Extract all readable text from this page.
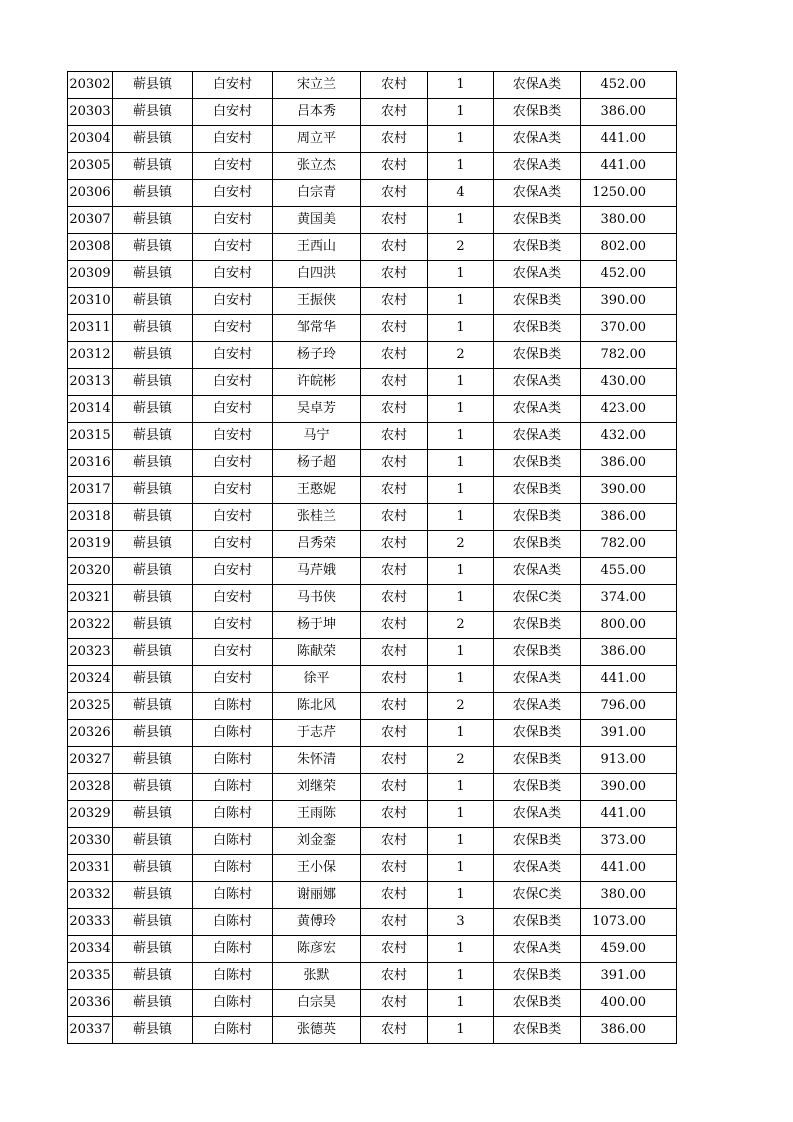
20302	蕲县镇	白安村	宋立兰	农村	1	农保A类	452.00
20303	蕲县镇	白安村	吕本秀	农村	1	农保B类	386.00
20304	蕲县镇	白安村	周立平	农村	1	农保A类	441.00
20305	蕲县镇	白安村	张立杰	农村	1	农保A类	441.00
20306	蕲县镇	白安村	白宗青	农村	4	农保A类	1250.00
20307	蕲县镇	白安村	黄国美	农村	1	农保B类	380.00
20308	蕲县镇	白安村	王西山	农村	2	农保B类	802.00
20309	蕲县镇	白安村	白四洪	农村	1	农保A类	452.00
20310	蕲县镇	白安村	王振侠	农村	1	农保B类	390.00
20311	蕲县镇	白安村	邹常华	农村	1	农保B类	370.00
20312	蕲县镇	白安村	杨子玲	农村	2	农保B类	782.00
20313	蕲县镇	白安村	许皖彬	农村	1	农保A类	430.00
20314	蕲县镇	白安村	吴卓芳	农村	1	农保A类	423.00
20315	蕲县镇	白安村	马宁	农村	1	农保A类	432.00
20316	蕲县镇	白安村	杨子超	农村	1	农保B类	386.00
20317	蕲县镇	白安村	王憨妮	农村	1	农保B类	390.00
20318	蕲县镇	白安村	张桂兰	农村	1	农保B类	386.00
20319	蕲县镇	白安村	吕秀荣	农村	2	农保B类	782.00
20320	蕲县镇	白安村	马芹娥	农村	1	农保A类	455.00
20321	蕲县镇	白安村	马书侠	农村	1	农保C类	374.00
20322	蕲县镇	白安村	杨于坤	农村	2	农保B类	800.00
20323	蕲县镇	白安村	陈献荣	农村	1	农保B类	386.00
20324	蕲县镇	白安村	徐平	农村	1	农保A类	441.00
20325	蕲县镇	白陈村	陈北风	农村	2	农保A类	796.00
20326	蕲县镇	白陈村	于志芹	农村	1	农保B类	391.00
20327	蕲县镇	白陈村	朱怀清	农村	2	农保B类	913.00
20328	蕲县镇	白陈村	刘继荣	农村	1	农保B类	390.00
20329	蕲县镇	白陈村	王雨陈	农村	1	农保A类	441.00
20330	蕲县镇	白陈村	刘金銮	农村	1	农保B类	373.00
20331	蕲县镇	白陈村	王小保	农村	1	农保A类	441.00
20332	蕲县镇	白陈村	谢丽娜	农村	1	农保C类	380.00
20333	蕲县镇	白陈村	黄傅玲	农村	3	农保B类	1073.00
20334	蕲县镇	白陈村	陈彦宏	农村	1	农保A类	459.00
20335	蕲县镇	白陈村	张默	农村	1	农保B类	391.00
20336	蕲县镇	白陈村	白宗昊	农村	1	农保B类	400.00
20337	蕲县镇	白陈村	张德英	农村	1	农保B类	386.00
